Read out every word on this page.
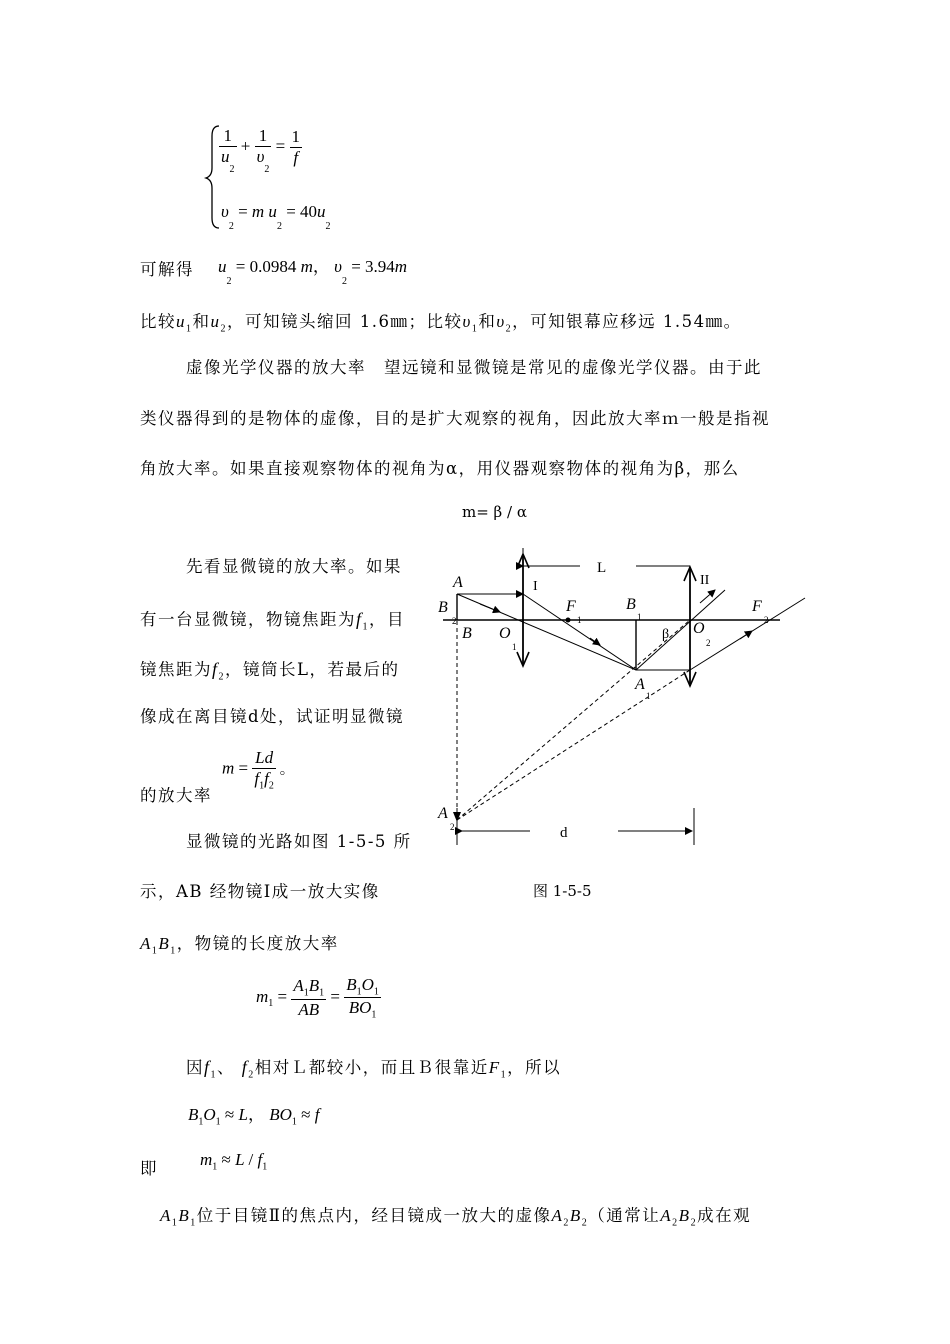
$\frac{1}{u_2} + \frac{1}{\upsilon_2} = \frac{1}{f}$
$\upsilon_2 = m$ $u_2 = 40u_2$
可解得 $u_2 = 0.0984$ m， $\upsilon_2 = 3.94m$
比较$u_1$和$u_2$，可知镜头缩回 1.6㎜；比较$\upsilon_1$和$\upsilon_2$，可知银幕应移远 1.54㎜。
虚像光学仪器的放大率　望远镜和显微镜是常见的虚像光学仪器。由于此
类仪器得到的是物体的虚像，目的是扩大观察的视角，因此放大率ｍ一般是指视
角放大率。如果直接观察物体的视角为α，用仪器观察物体的视角为β，那么
m= β / α
先看显微镜的放大率。如果
有一台显微镜，物镜焦距为$f_1$，目
镜焦距为$f_2$，镜筒长L，若最后的
像成在离目镜d处，试证明显微镜
的放大率
$m = \frac{Ld}{f_1f_2}$ 。
显微镜的光路如图 1-5-5 所
示，AB 经物镜Ⅰ成一放大实像
$A_1B_1$，物镜的长度放大率
$m_1 = \frac{A_1B_1}{AB} = \frac{B_1O_1}{BO_1}$
因$f_1$、 $f_2$相对Ｌ都较小，而且Ｂ很靠近$F_1$，所以
$B_1O_1 \approx L$， $BO_1 \approx f$
即 $m_1 \approx L / f_1$
$A_1B_1$位于目镜Ⅱ的焦点内，经目镜成一放大的虚像$A_2B_2$（通常让$A_2B_2$成在观
L
I	II
d
A
B
2
B O
1
F
1
B
1
β O
2
F
2
A
1
A
2
图 1-5-5
